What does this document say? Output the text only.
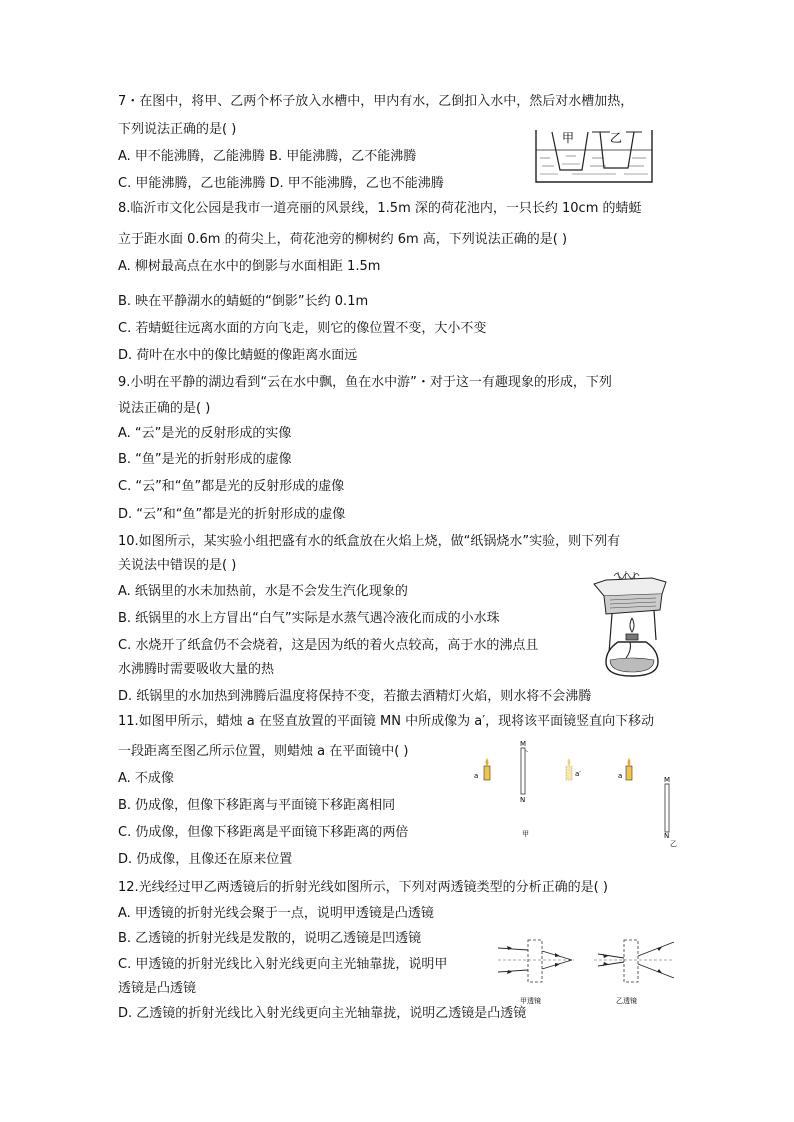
7・在图中，将甲、乙两个杯子放入水槽中，甲内有水，乙倒扣入水中，然后对水槽加热，
下列说法正确的是( )
A. 甲不能沸腾，乙能沸腾 B. 甲能沸腾，乙不能沸腾
C. 甲能沸腾，乙也能沸腾 D. 甲不能沸腾，乙也不能沸腾
甲	乙
8.临沂市文化公园是我市一道亮丽的风景线，1.5m 深的荷花池内，一只长约 10cm 的蜻蜓
立于距水面 0.6m 的荷尖上，荷花池旁的柳树约 6m 高，下列说法正确的是( )
A. 柳树最高点在水中的倒影与水面相距 1.5m
B. 映在平静湖水的蜻蜓的“倒影”长约 0.1m
C. 若蜻蜓往远离水面的方向飞走，则它的像位置不变，大小不变
D. 荷叶在水中的像比蜻蜓的像距离水面远
9.小明在平静的湖边看到“云在水中飘，鱼在水中游”・对于这一有趣现象的形成，下列
说法正确的是( )
A. “云”是光的反射形成的实像
B. “鱼”是光的折射形成的虚像
C. “云”和“鱼”都是光的反射形成的虚像
D. “云”和“鱼”都是光的折射形成的虚像
10.如图所示，某实验小组把盛有水的纸盒放在火焰上烧，做“纸锅烧水”实验，则下列有
关说法中错误的是( )
A. 纸锅里的水未加热前，水是不会发生汽化现象的
B. 纸锅里的水上方冒出“白气”实际是水蒸气遇冷液化而成的小水珠
C. 水烧开了纸盒仍不会烧着，这是因为纸的着火点较高，高于水的沸点且
水沸腾时需要吸收大量的热
D. 纸锅里的水加热到沸腾后温度将保持不变，若撤去酒精灯火焰，则水将不会沸腾
11.如图甲所示，蜡烛 a 在竖直放置的平面镜 MN 中所成像为 a′，现将该平面镜竖直向下移动
一段距离至图乙所示位置，则蜡烛 a 在平面镜中( )
A. 不成像
B. 仍成像，但像下移距离与平面镜下移距离相同
C. 仍成像，但像下移距离是平面镜下移距离的两倍
D. 仍成像，且像还在原来位置
M
N
a	a′
甲
a	M
N
乙
12.光线经过甲乙两透镜后的折射光线如图所示，下列对两透镜类型的分析正确的是( )
A. 甲透镜的折射光线会聚于一点，说明甲透镜是凸透镜
B. 乙透镜的折射光线是发散的，说明乙透镜是凹透镜
C. 甲透镜的折射光线比入射光线更向主光轴靠拢，说明甲
透镜是凸透镜
D. 乙透镜的折射光线比入射光线更向主光轴靠拢，说明乙透镜是凸透镜
甲透镜	乙透镜
